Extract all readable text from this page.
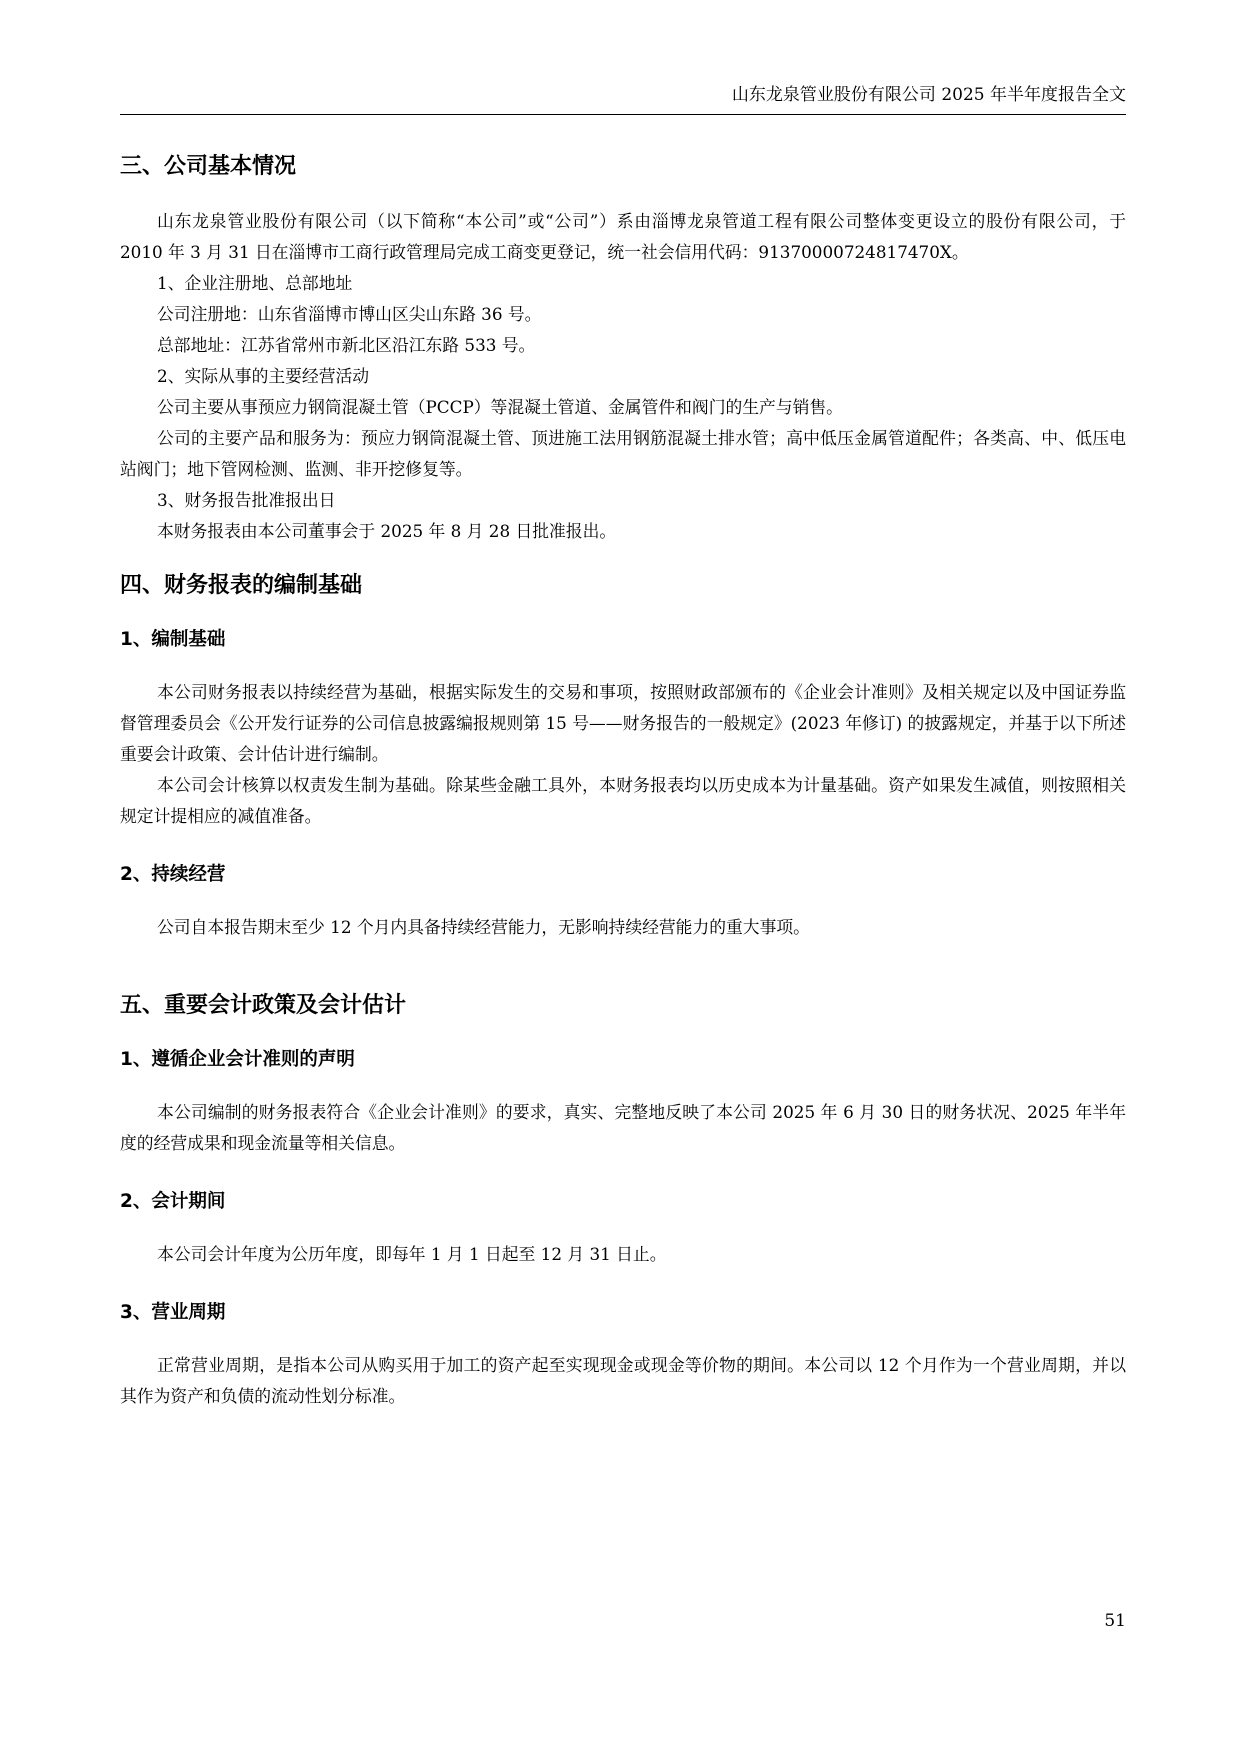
山东龙泉管业股份有限公司 2025 年半年度报告全文
三、公司基本情况

山东龙泉管业股份有限公司（以下简称“本公司”或“公司”）系由淄博龙泉管道工程有限公司整体变更设立的股份有限公司，于 2010 年 3 月 31 日在淄博市工商行政管理局完成工商变更登记，统一社会信用代码：91370000724817470X。

1、企业注册地、总部地址

公司注册地：山东省淄博市博山区尖山东路 36 号。

总部地址：江苏省常州市新北区沿江东路 533 号。

2、实际从事的主要经营活动

公司主要从事预应力钢筒混凝土管（PCCP）等混凝土管道、金属管件和阀门的生产与销售。

公司的主要产品和服务为：预应力钢筒混凝土管、顶进施工法用钢筋混凝土排水管；高中低压金属管道配件；各类高、中、低压电站阀门；地下管网检测、监测、非开挖修复等。

3、财务报告批准报出日

本财务报表由本公司董事会于 2025 年 8 月 28 日批准报出。

四、财务报表的编制基础
1、编制基础

本公司财务报表以持续经营为基础，根据实际发生的交易和事项，按照财政部颁布的《企业会计准则》及相关规定以及中国证券监督管理委员会《公开发行证券的公司信息披露编报规则第 15 号——财务报告的一般规定》(2023 年修订) 的披露规定，并基于以下所述重要会计政策、会计估计进行编制。

本公司会计核算以权责发生制为基础。除某些金融工具外，本财务报表均以历史成本为计量基础。资产如果发生减值，则按照相关规定计提相应的减值准备。

2、持续经营

公司自本报告期末至少 12 个月内具备持续经营能力，无影响持续经营能力的重大事项。

五、重要会计政策及会计估计
1、遵循企业会计准则的声明

本公司编制的财务报表符合《企业会计准则》的要求，真实、完整地反映了本公司 2025 年 6 月 30 日的财务状况、2025 年半年度的经营成果和现金流量等相关信息。

2、会计期间

本公司会计年度为公历年度，即每年 1 月 1 日起至 12 月 31 日止。

3、营业周期

正常营业周期，是指本公司从购买用于加工的资产起至实现现金或现金等价物的期间。本公司以 12 个月作为一个营业周期，并以其作为资产和负债的流动性划分标准。

51
